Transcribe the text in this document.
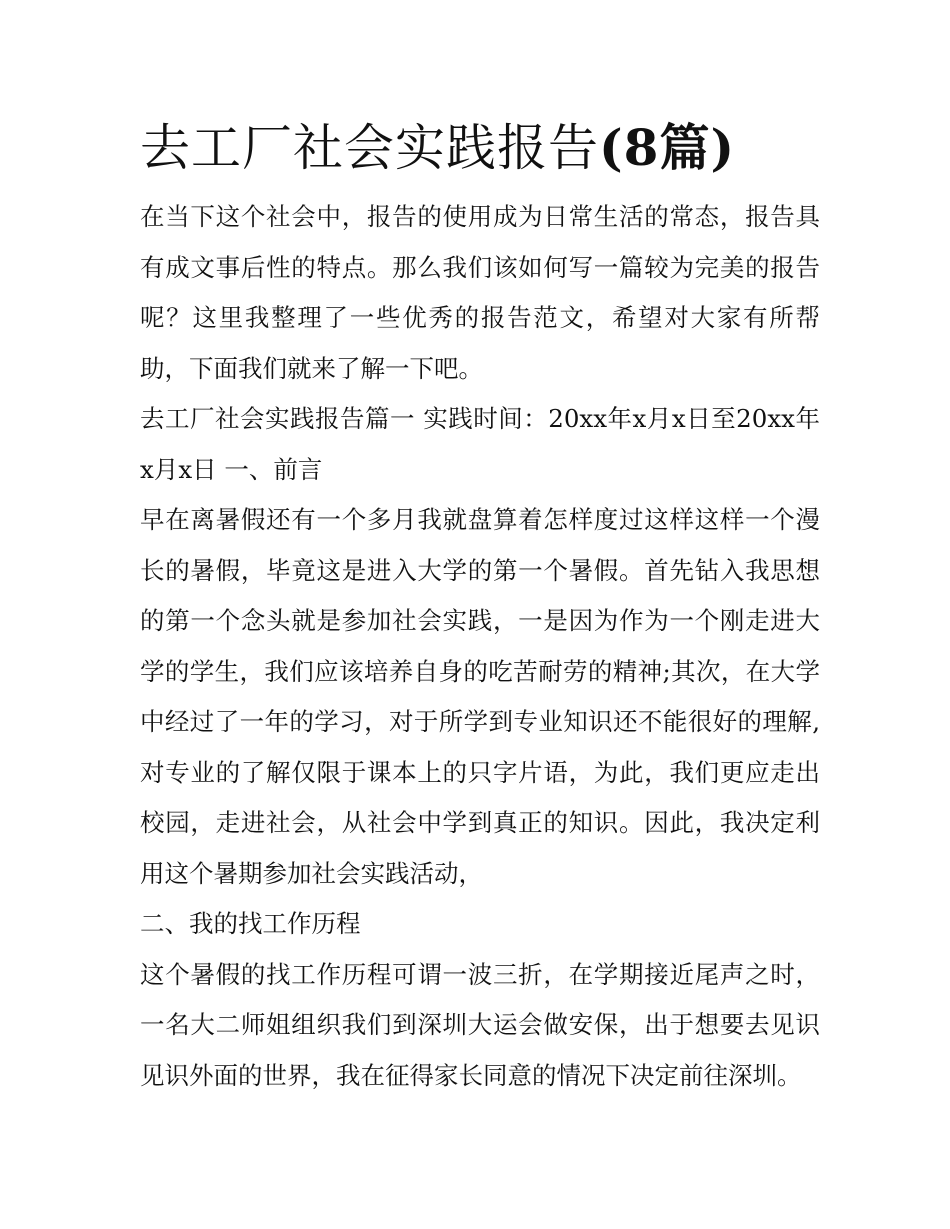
去工厂社会实践报告(8篇)

在当下这个社会中，报告的使用成为日常生活的常态，报告具有成文事后性的特点。那么我们该如何写一篇较为完美的报告呢？这里我整理了一些优秀的报告范文，希望对大家有所帮助，下面我们就来了解一下吧。

去工厂社会实践报告篇一 实践时间：20xx年x月x日至20xx年x月x日 一、前言

早在离暑假还有一个多月我就盘算着怎样度过这样这样一个漫长的暑假，毕竟这是进入大学的第一个暑假。首先钻入我思想的第一个念头就是参加社会实践，一是因为作为一个刚走进大学的学生，我们应该培养自身的吃苦耐劳的精神;其次，在大学中经过了一年的学习，对于所学到专业知识还不能很好的理解,对专业的了解仅限于课本上的只字片语，为此，我们更应走出校园，走进社会，从社会中学到真正的知识。因此，我决定利用这个暑期参加社会实践活动，

二、我的找工作历程

这个暑假的找工作历程可谓一波三折，在学期接近尾声之时，一名大二师姐组织我们到深圳大运会做安保，出于想要去见识见识外面的世界，我在征得家长同意的情况下决定前往深圳。
